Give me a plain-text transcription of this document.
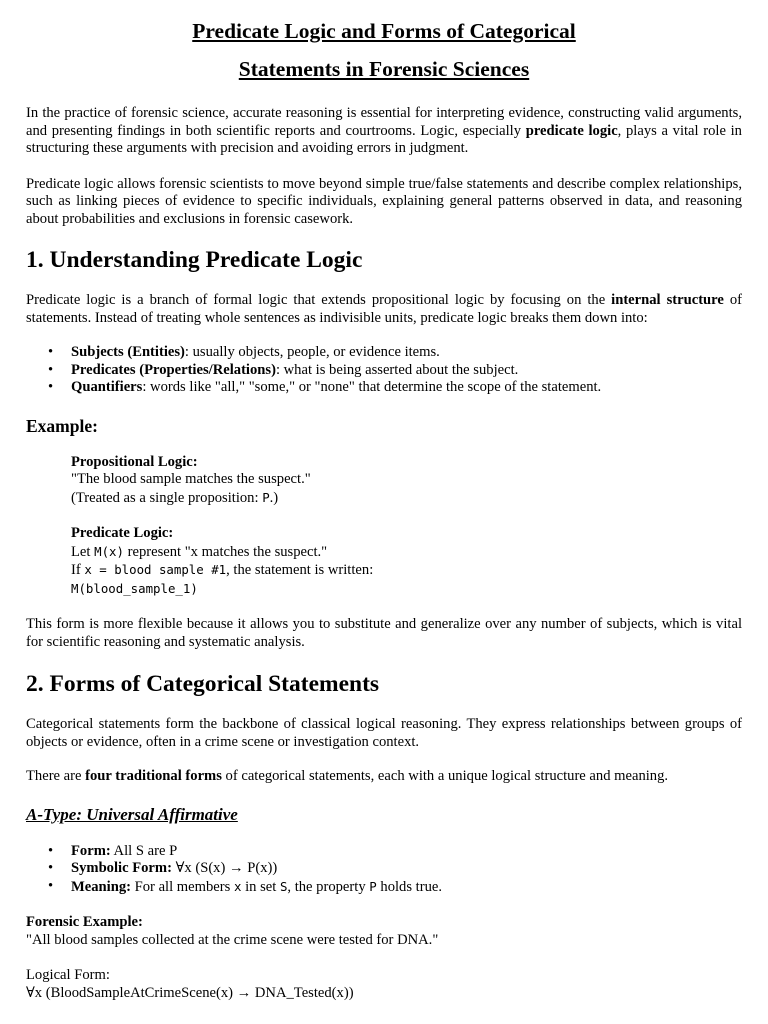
Predicate Logic and Forms of Categorical
Statements in Forensic Sciences

In the practice of forensic science, accurate reasoning is essential for interpreting evidence, constructing valid arguments, and presenting findings in both scientific reports and courtrooms. Logic, especially predicate logic, plays a vital role in structuring these arguments with precision and avoiding errors in judgment.

Predicate logic allows forensic scientists to move beyond simple true/false statements and describe complex relationships, such as linking pieces of evidence to specific individuals, explaining general patterns observed in data, and reasoning about probabilities and exclusions in forensic casework.

1. Understanding Predicate Logic

Predicate logic is a branch of formal logic that extends propositional logic by focusing on the internal structure of statements. Instead of treating whole sentences as indivisible units, predicate logic breaks them down into:

• Subjects (Entities): usually objects, people, or evidence items.
• Predicates (Properties/Relations): what is being asserted about the subject.
• Quantifiers: words like "all," "some," or "none" that determine the scope of the statement.
Example:
Propositional Logic:
"The blood sample matches the suspect."
(Treated as a single proposition: P.)
Predicate Logic:
Let M(x) represent "x matches the suspect."
If x = blood sample #1, the statement is written:
M(blood_sample_1)

This form is more flexible because it allows you to substitute and generalize over any number of subjects, which is vital for scientific reasoning and systematic analysis.

2. Forms of Categorical Statements

Categorical statements form the backbone of classical logical reasoning. They express relationships between groups of objects or evidence, often in a crime scene or investigation context.

There are four traditional forms of categorical statements, each with a unique logical structure and meaning.

A-Type: Universal Affirmative
• Form: All S are P
• Symbolic Form: ∀x (S(x) → P(x))
• Meaning: For all members x in set S, the property P holds true.
Forensic Example:
"All blood samples collected at the crime scene were tested for DNA."
Logical Form:
∀x (BloodSampleAtCrimeScene(x) → DNA_Tested(x))
